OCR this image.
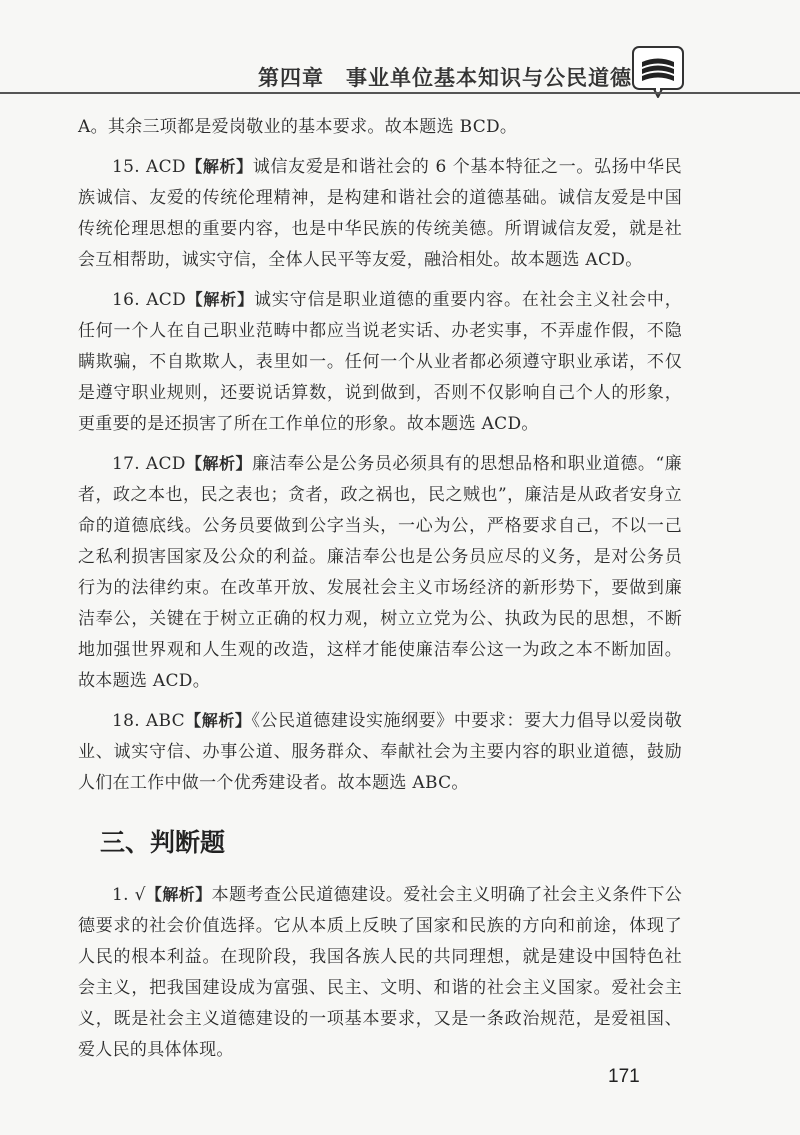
第四章　事业单位基本知识与公民道德

A。其余三项都是爱岗敬业的基本要求。故本题选 BCD。

15. ACD【解析】诚信友爱是和谐社会的 6 个基本特征之一。弘扬中华民族诚信、友爱的传统伦理精神，是构建和谐社会的道德基础。诚信友爱是中国传统伦理思想的重要内容，也是中华民族的传统美德。所谓诚信友爱，就是社会互相帮助，诚实守信，全体人民平等友爱，融洽相处。故本题选 ACD。

16. ACD【解析】诚实守信是职业道德的重要内容。在社会主义社会中，任何一个人在自己职业范畴中都应当说老实话、办老实事，不弄虚作假，不隐瞒欺骗，不自欺欺人，表里如一。任何一个从业者都必须遵守职业承诺，不仅是遵守职业规则，还要说话算数，说到做到，否则不仅影响自己个人的形象，更重要的是还损害了所在工作单位的形象。故本题选 ACD。

17. ACD【解析】廉洁奉公是公务员必须具有的思想品格和职业道德。“廉者，政之本也，民之表也；贪者，政之祸也，民之贼也”，廉洁是从政者安身立命的道德底线。公务员要做到公字当头，一心为公，严格要求自己，不以一己之私利损害国家及公众的利益。廉洁奉公也是公务员应尽的义务，是对公务员行为的法律约束。在改革开放、发展社会主义市场经济的新形势下，要做到廉洁奉公，关键在于树立正确的权力观，树立立党为公、执政为民的思想，不断地加强世界观和人生观的改造，这样才能使廉洁奉公这一为政之本不断加固。故本题选 ACD。

18. ABC【解析】《公民道德建设实施纲要》中要求：要大力倡导以爱岗敬业、诚实守信、办事公道、服务群众、奉献社会为主要内容的职业道德，鼓励人们在工作中做一个优秀建设者。故本题选 ABC。

三、判断题

1. √【解析】本题考查公民道德建设。爱社会主义明确了社会主义条件下公德要求的社会价值选择。它从本质上反映了国家和民族的方向和前途，体现了人民的根本利益。在现阶段，我国各族人民的共同理想，就是建设中国特色社会主义，把我国建设成为富强、民主、文明、和谐的社会主义国家。爱社会主义，既是社会主义道德建设的一项基本要求，又是一条政治规范，是爱祖国、爱人民的具体体现。

171
